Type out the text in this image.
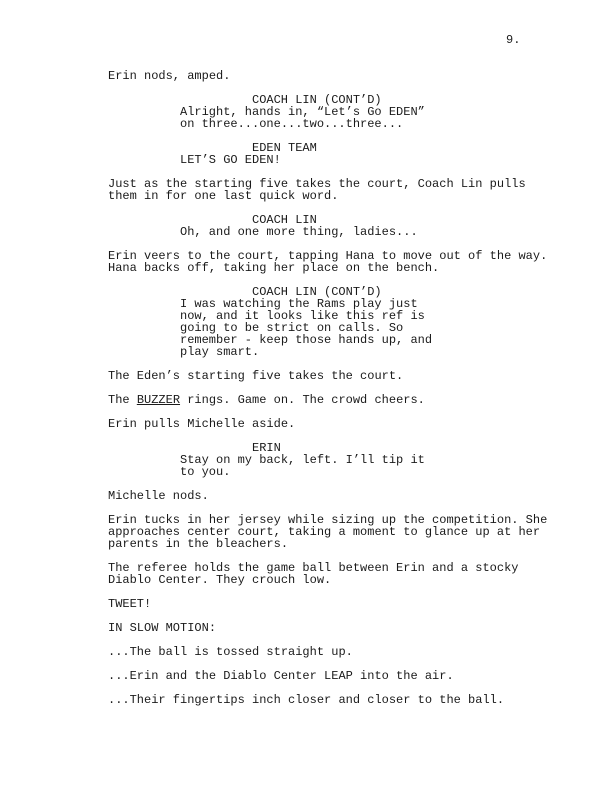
9.
Erin nods, amped.
COACH LIN (CONT’D)
Alright, hands in, “Let’s Go EDEN”
on three...one...two...three...
EDEN TEAM
LET’S GO EDEN!
Just as the starting five takes the court, Coach Lin pulls
them in for one last quick word.
COACH LIN
Oh, and one more thing, ladies...
Erin veers to the court, tapping Hana to move out of the way.
Hana backs off, taking her place on the bench.
COACH LIN (CONT’D)
I was watching the Rams play just
now, and it looks like this ref is
going to be strict on calls. So
remember - keep those hands up, and
play smart.
The Eden’s starting five takes the court.
The BUZZER rings. Game on. The crowd cheers.
Erin pulls Michelle aside.
ERIN
Stay on my back, left. I’ll tip it
to you.
Michelle nods.
Erin tucks in her jersey while sizing up the competition. She
approaches center court, taking a moment to glance up at her
parents in the bleachers.
The referee holds the game ball between Erin and a stocky
Diablo Center. They crouch low.
TWEET!
IN SLOW MOTION:
...The ball is tossed straight up.
...Erin and the Diablo Center LEAP into the air.
...Their fingertips inch closer and closer to the ball.
